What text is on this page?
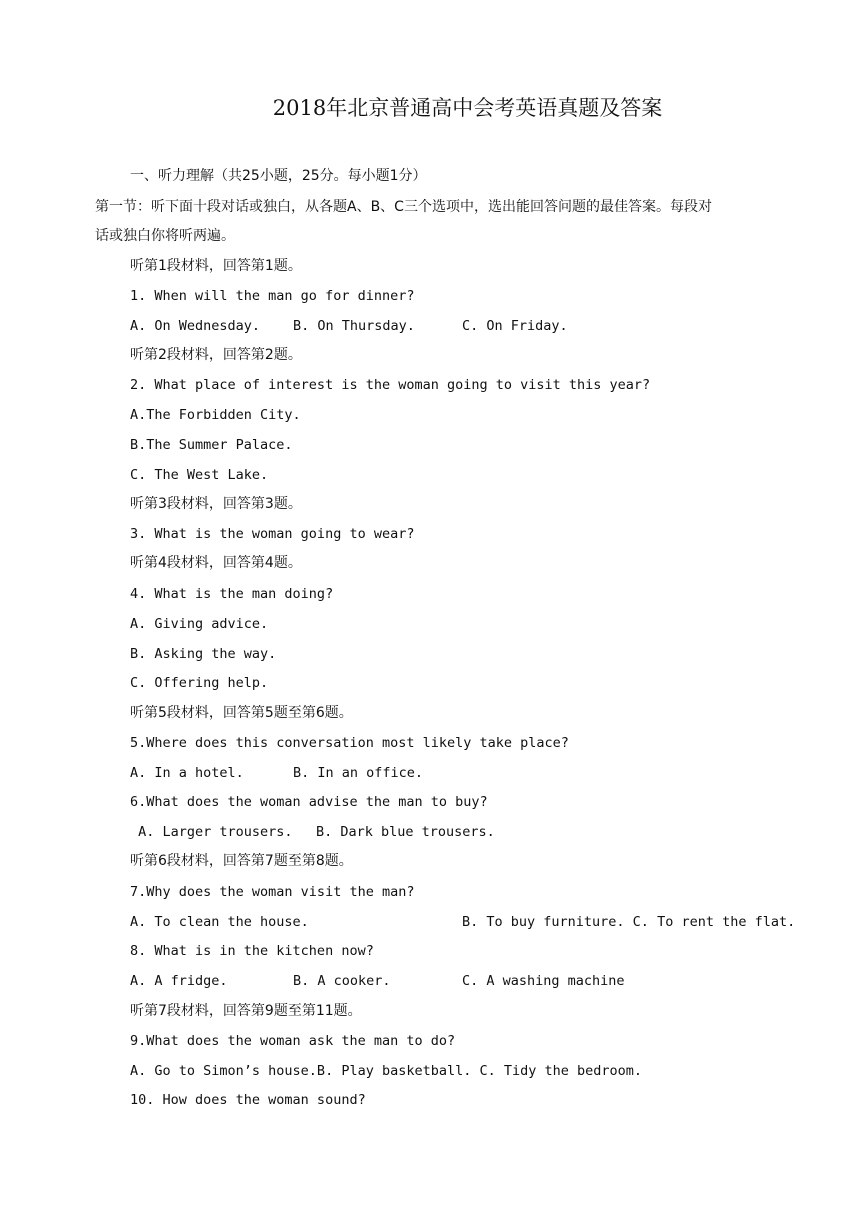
2018年北京普通高中会考英语真题及答案
一、听力理解（共25小题，25分。每小题1分）
第一节：听下面十段对话或独白，从各题A、B、C三个选项中，选出能回答问题的最佳答案。每段对
话或独白你将听两遍。
听第1段材料，回答第1题。
1. When will the man go for dinner?

A. On Wednesday.

B. On Thursday.

	C. On Friday.

听第2段材料，回答第2题。
2. What place of interest is the woman going to visit this year?
A.The Forbidden City.
B.The Summer Palace.
C. The West Lake.
听第3段材料，回答第3题。
3. What is the woman going to wear?
听第4段材料，回答第4题。
4. What is the man doing?
A. Giving advice.
B. Asking the way.
C. Offering help.
听第5段材料，回答第5题至第6题。
5.Where does this conversation most likely take place?

A. In a hotel.

	B. In an office.

6.What does the woman advise the man to buy?

A. Larger trousers.

B. Dark blue trousers.

听第6段材料，回答第7题至第8题。
7.Why does the woman visit the man?

A. To clean the house.

	B. To buy furniture. C. To rent the flat.

8. What is in the kitchen now?

A. A fridge.

	B. A cooker.

	C. A washing machine

听第7段材料，回答第9题至第11题。
9.What does the woman ask the man to do?
A. Go to Simon’s house.B. Play basketball. C. Tidy the bedroom.
10. How does the woman sound?
